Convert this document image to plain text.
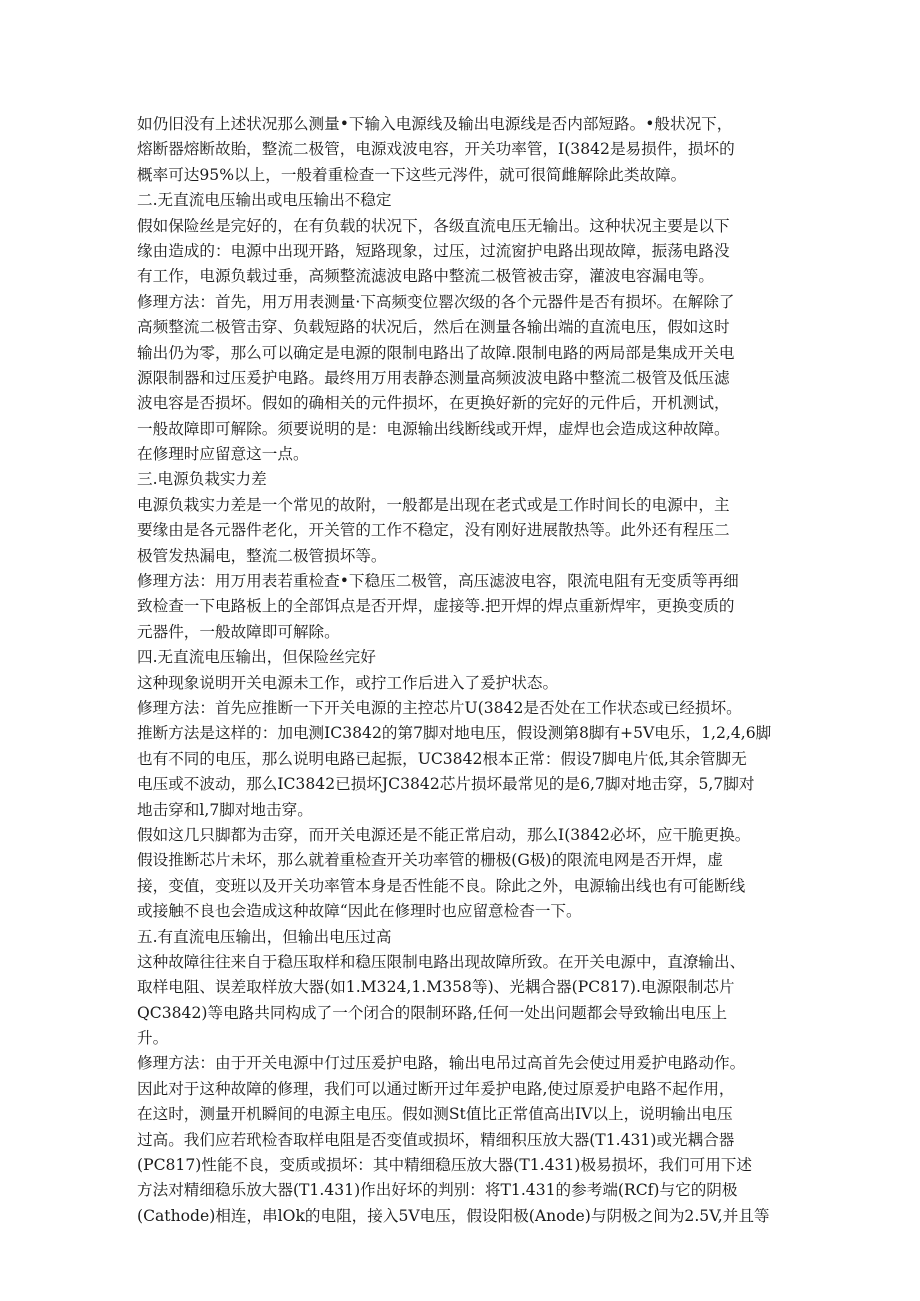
如仍旧没有上述状况那么测量•下输入电源线及输出电源线是否内部短路。•般状况下，
熔断器熔断故貽，整流二极管，电源戏波电容，开关功率管，I(3842是易损件，损坏的
概率可达95%以上，一般着重检查一下这些元涔件，就可很简雌解除此类故障。
二.无直流电压输出或电压输出不稳定
假如保险丝是完好的，在有负载的状况下，各级直流电压无输出。这种状况主要是以下
缘由造成的：电源中出现开路，短路现象，过压，过流窗护电路出现故障，振荡电路没
有工作，电源负载过垂，高频整流滤波电路中整流二极管被击穿，灌波电容漏电等。
修理方法：首先，用万用表测量·下高频变位罂次级的各个元器件是否有损坏。在解除了
高频整流二极管击穿、负载短路的状况后，然后在测量各输出端的直流电压，假如这时
输出仍为零，那么可以确定是电源的限制电路出了故障.限制电路的两局部是集成开关电
源限制器和过压爰护电路。最终用万用表静态测量高频波波电路中整流二极管及低压滤
波电容是否损坏。假如的确相关的元件损坏，在更换好新的完好的元件后，开机测试，
一般故障即可解除。须要说明的是：电源输出线断线或开焊，虚焊也会造成这种故障。
在修理时应留意这一点。
三.电源负栽实力差
电源负栽实力差是一个常见的故附，一般都是出现在老式或是工作时间长的电源中，主
要缘由是各元器件老化，开关管的工作不稳定，没有刚好进展散热等。此外还有程压二
极管发热漏电，整流二极管损坏等。
修理方法：用万用表若重检查•下稳压二极管，高压滤波电容，限流电阻有无变质等再细
致检查一下电路板上的全部饵点是否开焊，虚接等.把开焊的焊点重新焊牢，更换变质的
元器件，一般故障即可解除。
四.无直流电压输出，但保险丝完好
这种现象说明开关电源未工作，或拧工作后进入了爰护状态。
修理方法：首先应推断一下开关电源的主控芯片U(3842是否处在工作状态或已经损坏。
推断方法是这样的：加电测IC3842的第7脚对地电压，假设测第8脚有+5V电乐，1,2,4,6脚
也有不同的电压，那么说明电路已起振，UC3842根本正常：假设7脚电片低,其余管脚无
电压或不波动，那么IC3842已损坏JC3842芯片损坏最常见的是6,7脚对地击穿，5,7脚对
地击穿和l,7脚对地击穿。
假如这几只脚都为击穿，而开关电源还是不能正常启动，那么I(3842必坏，应干脆更换。
假设推断芯片未坏，那么就着重检查开关功率管的栅极(G极)的限流电网是否开焊，虚
接，变值，变班以及开关功率管本身是否性能不良。除此之外，电源输出线也有可能断线
或接触不良也会造成这种故障“因此在修理时也应留意检杳一下。
五.有直流电压输出，但输出电压过高
这种故障往往来自于稳压取样和稳压限制电路出现故障所致。在开关电源中，直潦输出、
取样电阻、误差取样放大器(如1.M324,1.M358等)、光耦合器(PC817).电源限制芯片
QC3842)等电路共同构成了一个闭合的限制环路,任何一处出问题都会导致输出电压上
升。
修理方法：由于开关电源中仃过压爰护电路，输出电吊过高首先会使过用爰护电路动作。
因此对于这种故障的修理，我们可以通过断开过年爰护电路,使过原爰护电路不起作用，
在这时，测量开机瞬间的电源主电压。假如测St值比正常值高出IV以上，说明输出电压
过高。我们应若玳检杳取样电阻是否变值或损坏，精细积压放大器(T1.431)或光耦合器
(PC817)性能不良，变质或损坏：其中精细稳压放大器(T1.431)极易损坏，我们可用下述
方法对精细稳乐放大器(T1.431)作出好坏的判别：将T1.431的参考端(RCf)与它的阴极
(Cathode)相连，串lOk的电阻，接入5V电压，假设阳极(Anode)与阴极之间为2.5V,并且等
